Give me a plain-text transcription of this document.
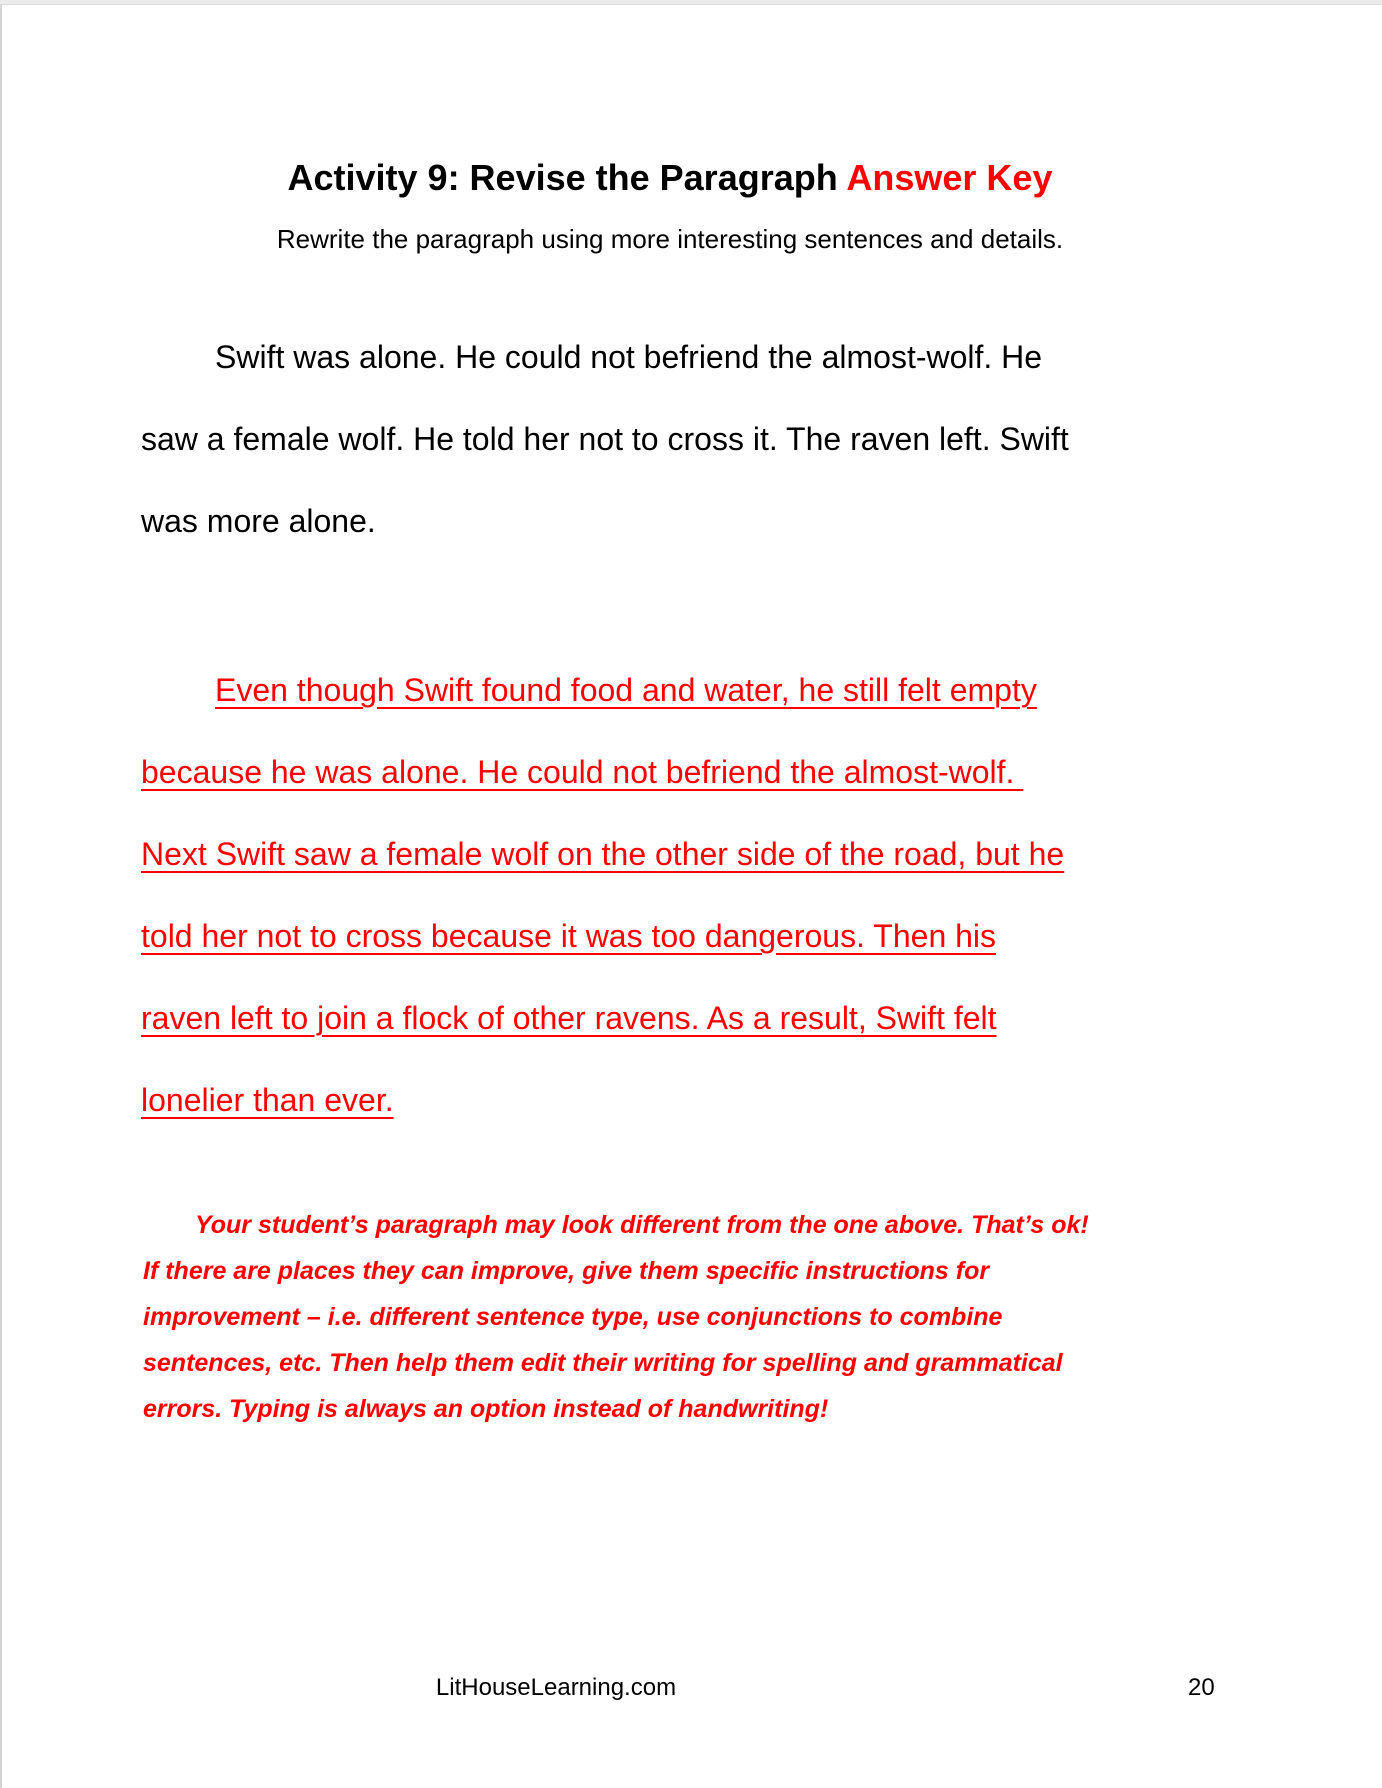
Activity 9: Revise the Paragraph Answer Key
Rewrite the paragraph using more interesting sentences and details.
Swift was alone. He could not befriend the almost-wolf. He
saw a female wolf. He told her not to cross it. The raven left. Swift
was more alone.
Even though Swift found food and water, he still felt empty
because he was alone. He could not befriend the almost-wolf.
Next Swift saw a female wolf on the other side of the road, but he
told her not to cross because it was too dangerous. Then his
raven left to join a flock of other ravens. As a result, Swift felt
lonelier than ever.
Your student’s paragraph may look different from the one above. That’s ok!
If there are places they can improve, give them specific instructions for
improvement – i.e. different sentence type, use conjunctions to combine
sentences, etc. Then help them edit their writing for spelling and grammatical
errors. Typing is always an option instead of handwriting!
LitHouseLearning.com	20
